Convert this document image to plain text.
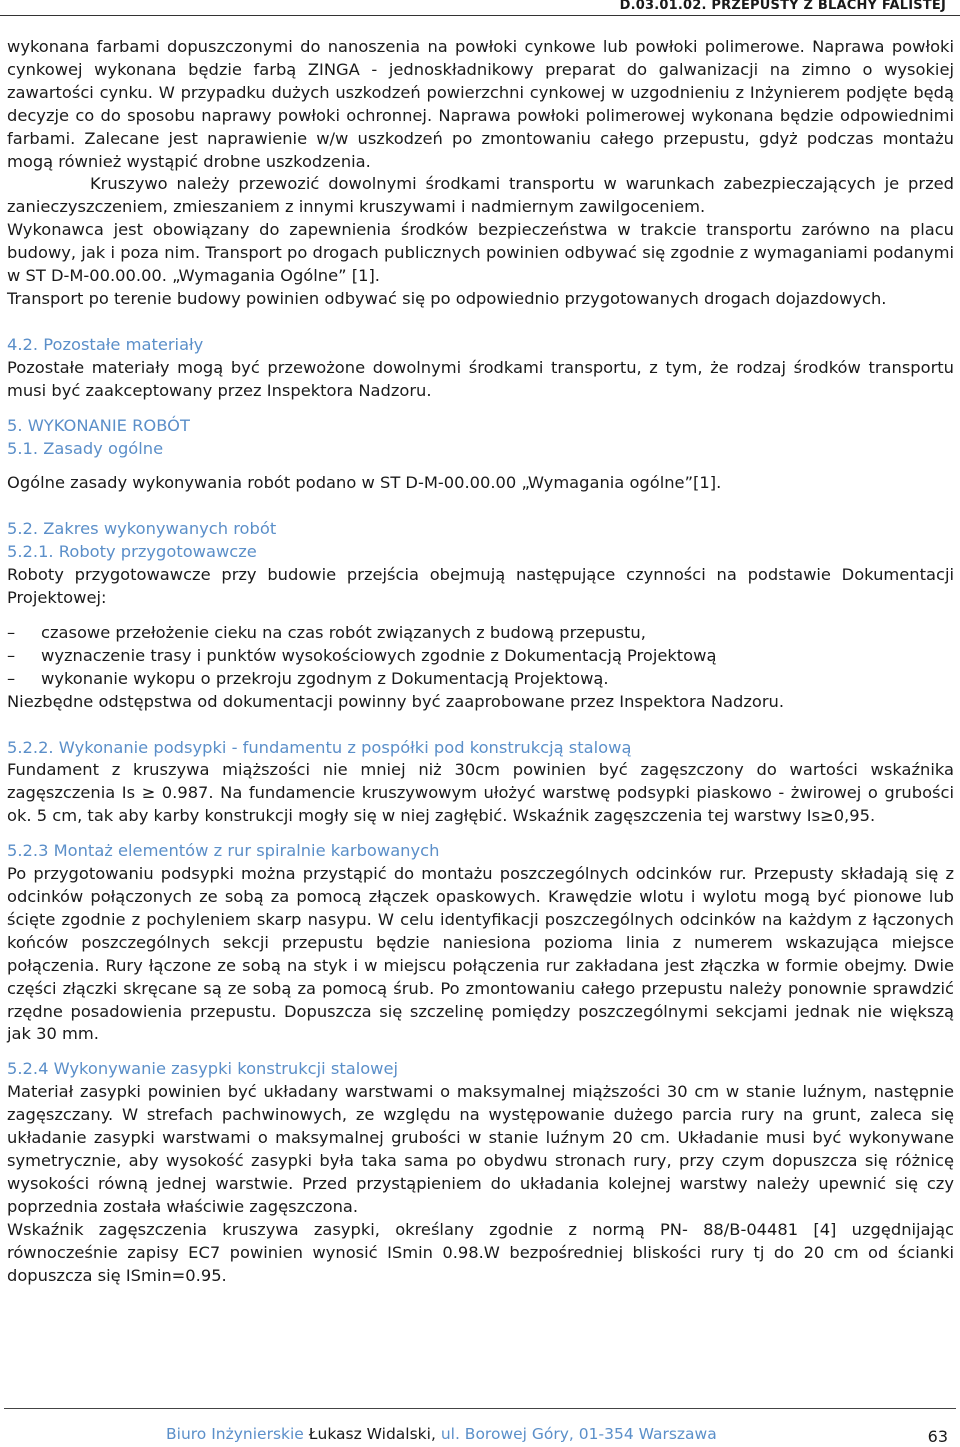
D.03.01.02. PRZEPUSTY Z BLACHY FALISTEJ

wykonana farbami dopuszczonymi do nanoszenia na powłoki cynkowe lub powłoki polimerowe. Naprawa powłoki cynkowej wykonana będzie farbą ZINGA - jednoskładnikowy preparat do galwanizacji na zimno o wysokiej zawartości cynku. W przypadku dużych uszkodzeń powierzchni cynkowej w uzgodnieniu z Inżynierem podjęte będą decyzje co do sposobu naprawy powłoki ochronnej. Naprawa powłoki polimerowej wykonana będzie odpowiednimi farbami. Zalecane jest naprawienie w/w uszkodzeń po zmontowaniu całego przepustu, gdyż podczas montażu mogą również wystąpić drobne uszkodzenia.

Kruszywo należy przewozić dowolnymi środkami transportu w warunkach zabezpieczających je przed zanieczyszczeniem, zmieszaniem z innymi kruszywami i nadmiernym zawilgoceniem.

Wykonawca jest obowiązany do zapewnienia środków bezpieczeństwa w trakcie transportu zarówno na placu budowy, jak i poza nim. Transport po drogach publicznych powinien odbywać się zgodnie z wymaganiami podanymi w ST D-M-00.00.00. „Wymagania Ogólne” [1].

Transport po terenie budowy powinien odbywać się po odpowiednio przygotowanych drogach dojazdowych.

4.2. Pozostałe materiały

Pozostałe materiały mogą być przewożone dowolnymi środkami transportu, z tym, że rodzaj środków transportu musi być zaakceptowany przez Inspektora Nadzoru.

5. WYKONANIE ROBÓT

5.1. Zasady ogólne

Ogólne zasady wykonywania robót podano w ST D-M-00.00.00 „Wymagania ogólne”[1].

5.2. Zakres wykonywanych robót

5.2.1. Roboty przygotowawcze

Roboty przygotowawcze przy budowie przejścia obejmują następujące czynności na podstawie Dokumentacji Projektowej:

–	czasowe przełożenie cieku na czas robót związanych z budową przepustu,
–	wyznaczenie trasy i punktów wysokościowych zgodnie z Dokumentacją Projektową
–	wykonanie wykopu o przekroju zgodnym z Dokumentacją Projektową.

Niezbędne odstępstwa od dokumentacji powinny być zaaprobowane przez Inspektora Nadzoru.

5.2.2. Wykonanie podsypki - fundamentu z pospółki pod konstrukcją stalową

Fundament z kruszywa miąższości nie mniej niż 30cm powinien być zagęszczony do wartości wskaźnika zagęszczenia Is ≥ 0.987. Na fundamencie kruszywowym ułożyć warstwę podsypki piaskowo - żwirowej o grubości ok. 5 cm, tak aby karby konstrukcji mogły się w niej zagłębić. Wskaźnik zagęszczenia tej warstwy Is≥0,95.

5.2.3 Montaż elementów z rur spiralnie karbowanych

Po przygotowaniu podsypki można przystąpić do montażu poszczególnych odcinków rur. Przepusty składają się z odcinków połączonych ze sobą za pomocą złączek opaskowych. Krawędzie wlotu i wylotu mogą być pionowe lub ścięte zgodnie z pochyleniem skarp nasypu. W celu identyfikacji poszczególnych odcinków na każdym z łączonych końców poszczególnych sekcji przepustu będzie naniesiona pozioma linia z numerem wskazująca miejsce połączenia. Rury łączone ze sobą na styk i w miejscu połączenia rur zakładana jest złączka w formie obejmy. Dwie części złączki skręcane są ze sobą za pomocą śrub. Po zmontowaniu całego przepustu należy ponownie sprawdzić rzędne posadowienia przepustu. Dopuszcza się szczelinę pomiędzy poszczególnymi sekcjami jednak nie większą jak 30 mm.

5.2.4 Wykonywanie zasypki konstrukcji stalowej

Materiał zasypki powinien być układany warstwami o maksymalnej miąższości 30 cm w stanie luźnym, następnie zagęszczany. W strefach pachwinowych, ze względu na występowanie dużego parcia rury na grunt, zaleca się układanie zasypki warstwami o maksymalnej grubości w stanie luźnym 20 cm. Układanie musi być wykonywane symetrycznie, aby wysokość zasypki była taka sama po obydwu stronach rury, przy czym dopuszcza się różnicę wysokości równą jednej warstwie. Przed przystąpieniem do układania kolejnej warstwy należy upewnić się czy poprzednia została właściwie zagęszczona.

Wskaźnik zagęszczenia kruszywa zasypki, określany zgodnie z normą PN- 88/B-04481 [4] uzgędnijając równocześnie zapisy EC7 powinien wynosić ISmin 0.98.W bezpośredniej bliskości rury tj do 20 cm od ścianki dopuszcza się ISmin=0.95.

Biuro Inżynierskie Łukasz Widalski, ul. Borowej Góry, 01-354 Warszawa	63
